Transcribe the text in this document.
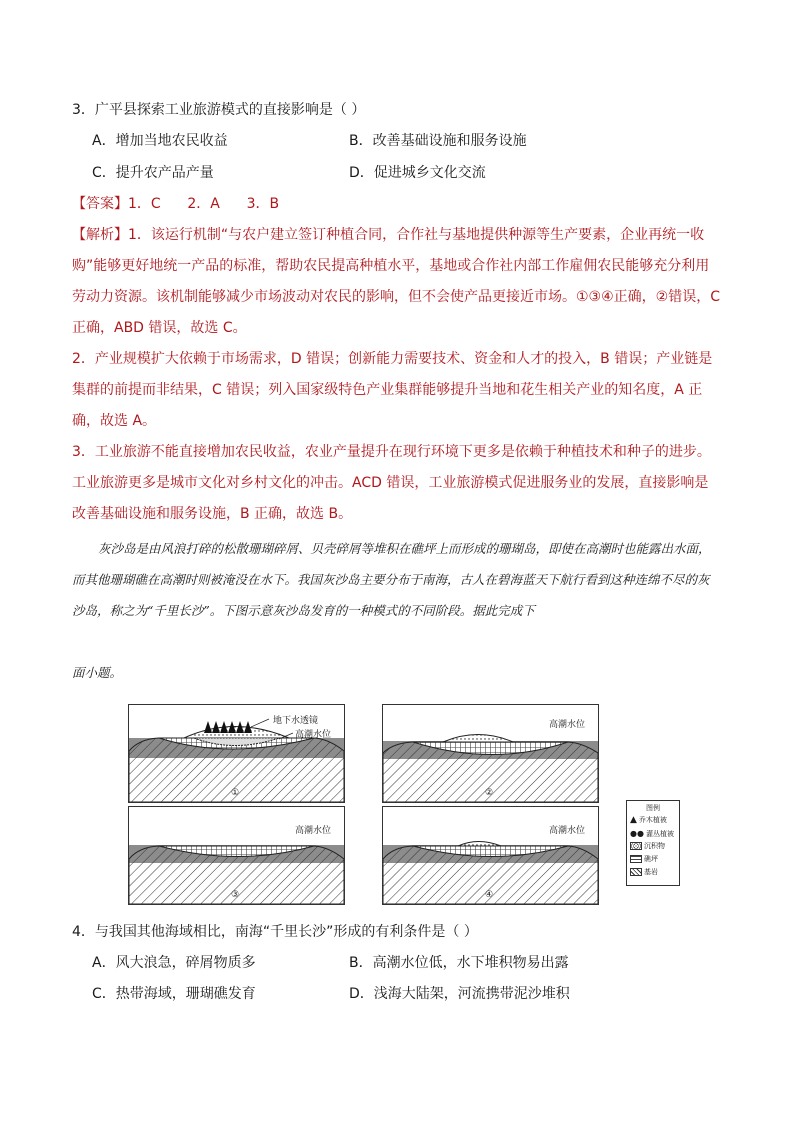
3．广平县探索工业旅游模式的直接影响是（ ）
A．增加当地农民收益	B．改善基础设施和服务设施
C．提升农产品产量	D．促进城乡文化交流
【答案】1．C      2．A      3．B
【解析】1．该运行机制“与农户建立签订种植合同，合作社与基地提供种源等生产要素，企业再统一收购”能够更好地统一产品的标准，帮助农民提高种植水平，基地或合作社内部工作雇佣农民能够充分利用劳动力资源。该机制能够减少市场波动对农民的影响，但不会使产品更接近市场。①③④正确，②错误，C 正确，ABD 错误，故选 C。
2．产业规模扩大依赖于市场需求，D 错误；创新能力需要技术、资金和人才的投入，B 错误；产业链是集群的前提而非结果，C 错误；列入国家级特色产业集群能够提升当地和花生相关产业的知名度，A 正确，故选 A。
3．工业旅游不能直接增加农民收益，农业产量提升在现行环境下更多是依赖于种植技术和种子的进步。工业旅游更多是城市文化对乡村文化的冲击。ACD 错误，工业旅游模式促进服务业的发展，直接影响是改善基础设施和服务设施，B 正确，故选 B。
灰沙岛是由风浪打碎的松散珊瑚碎屑、贝壳碎屑等堆积在礁坪上而形成的珊瑚岛，即使在高潮时也能露出水面，而其他珊瑚礁在高潮时则被淹没在水下。我国灰沙岛主要分布于南海，古人在碧海蓝天下航行看到这种连绵不尽的灰沙岛，称之为“千里长沙”。下图示意灰沙岛发育的一种模式的不同阶段。据此完成下
面小题。
地下水透镜
高潮水位
①
高潮水位
②
高潮水位
③
高潮水位
④
图例
▲ 乔木植被
●● 灌丛植被
沉积物
礁坪
基岩
4．与我国其他海域相比，南海“千里长沙”形成的有利条件是（ ）
A．风大浪急，碎屑物质多	B．高潮水位低，水下堆积物易出露
C．热带海域，珊瑚礁发育	D．浅海大陆架，河流携带泥沙堆积
